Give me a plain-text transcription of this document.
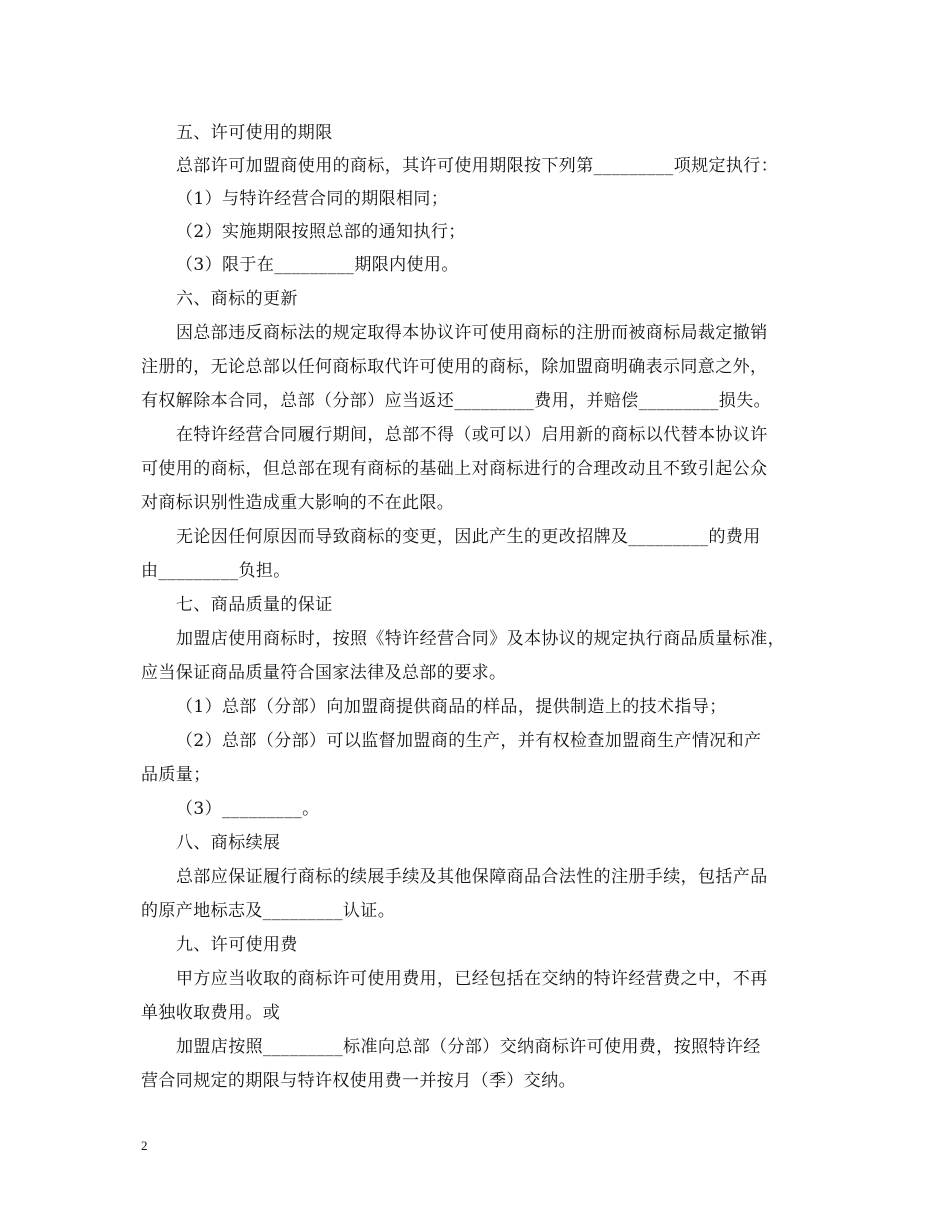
五、许可使用的期限
总部许可加盟商使用的商标，其许可使用期限按下列第_________项规定执行：
（1）与特许经营合同的期限相同；
（2）实施期限按照总部的通知执行；
（3）限于在_________期限内使用。
六、商标的更新
因总部违反商标法的规定取得本协议许可使用商标的注册而被商标局裁定撤销
注册的，无论总部以任何商标取代许可使用的商标，除加盟商明确表示同意之外，
有权解除本合同，总部（分部）应当返还_________费用，并赔偿_________损失。
在特许经营合同履行期间，总部不得（或可以）启用新的商标以代替本协议许
可使用的商标，但总部在现有商标的基础上对商标进行的合理改动且不致引起公众
对商标识别性造成重大影响的不在此限。
无论因任何原因而导致商标的变更，因此产生的更改招牌及_________的费用
由_________负担。
七、商品质量的保证
加盟店使用商标时，按照《特许经营合同》及本协议的规定执行商品质量标准，
应当保证商品质量符合国家法律及总部的要求。
（1）总部（分部）向加盟商提供商品的样品，提供制造上的技术指导；
（2）总部（分部）可以监督加盟商的生产，并有权检查加盟商生产情况和产
品质量；
（3）_________。
八、商标续展
总部应保证履行商标的续展手续及其他保障商品合法性的注册手续，包括产品
的原产地标志及_________认证。
九、许可使用费
甲方应当收取的商标许可使用费用，已经包括在交纳的特许经营费之中，不再
单独收取费用。或
加盟店按照_________标准向总部（分部）交纳商标许可使用费，按照特许经
营合同规定的期限与特许权使用费一并按月（季）交纳。
2
